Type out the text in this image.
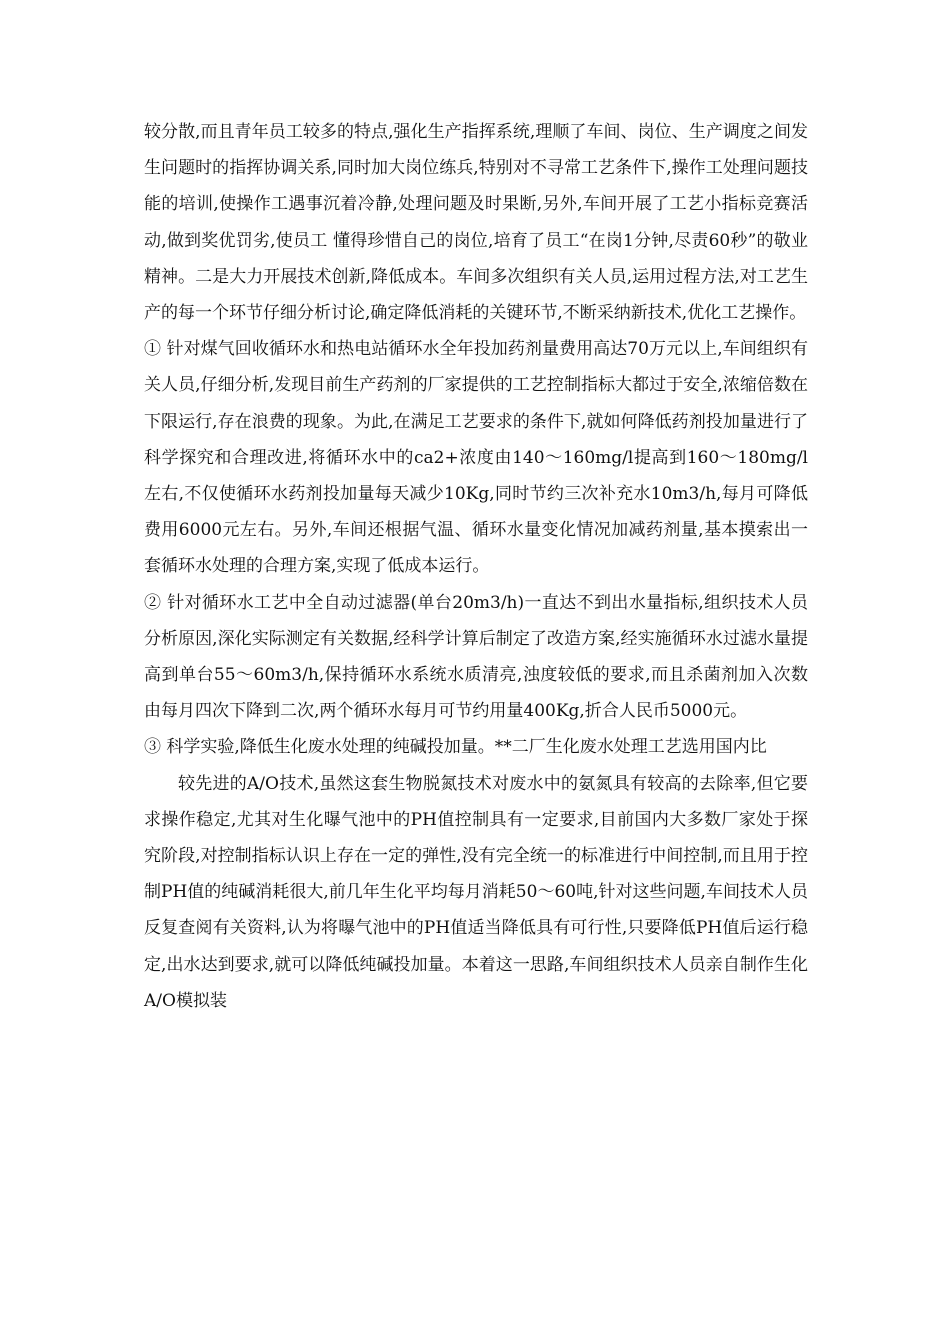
较分散,而且青年员工较多的特点,强化生产指挥系统,理顺了车间、岗位、生产调度之间发生问题时的指挥协调关系,同时加大岗位练兵,特别对不寻常工艺条件下,操作工处理问题技能的培训,使操作工遇事沉着冷静,处理问题及时果断,另外,车间开展了工艺小指标竞赛活动,做到奖优罚劣,使员工 懂得珍惜自己的岗位,培育了员工“在岗1分钟,尽责60秒”的敬业精神。二是大力开展技术创新,降低成本。车间多次组织有关人员,运用过程方法,对工艺生产的每一个环节仔细分析讨论,确定降低消耗的关键环节,不断采纳新技术,优化工艺操作。

① 针对煤气回收循环水和热电站循环水全年投加药剂量费用高达70万元以上,车间组织有关人员,仔细分析,发现目前生产药剂的厂家提供的工艺控制指标大都过于安全,浓缩倍数在下限运行,存在浪费的现象。为此,在满足工艺要求的条件下,就如何降低药剂投加量进行了科学探究和合理改进,将循环水中的ca2+浓度由140～160mg/l提高到160～180mg/l左右,不仅使循环水药剂投加量每天减少10Kg,同时节约三次补充水10m3/h,每月可降低费用6000元左右。另外,车间还根据气温、循环水量变化情况加减药剂量,基本摸索出一套循环水处理的合理方案,实现了低成本运行。

② 针对循环水工艺中全自动过滤器(单台20m3/h)一直达不到出水量指标,组织技术人员分析原因,深化实际测定有关数据,经科学计算后制定了改造方案,经实施循环水过滤水量提高到单台55～60m3/h,保持循环水系统水质清亮,浊度较低的要求,而且杀菌剂加入次数由每月四次下降到二次,两个循环水每月可节约用量400Kg,折合人民币5000元。

③ 科学实验,降低生化废水处理的纯碱投加量。**二厂生化废水处理工艺选用国内比

较先进的A/O技术,虽然这套生物脱氮技术对废水中的氨氮具有较高的去除率,但它要求操作稳定,尤其对生化曝气池中的PH值控制具有一定要求,目前国内大多数厂家处于探究阶段,对控制指标认识上存在一定的弹性,没有完全统一的标准进行中间控制,而且用于控制PH值的纯碱消耗很大,前几年生化平均每月消耗50～60吨,针对这些问题,车间技术人员反复查阅有关资料,认为将曝气池中的PH值适当降低具有可行性,只要降低PH值后运行稳定,出水达到要求,就可以降低纯碱投加量。本着这一思路,车间组织技术人员亲自制作生化A/O模拟装
